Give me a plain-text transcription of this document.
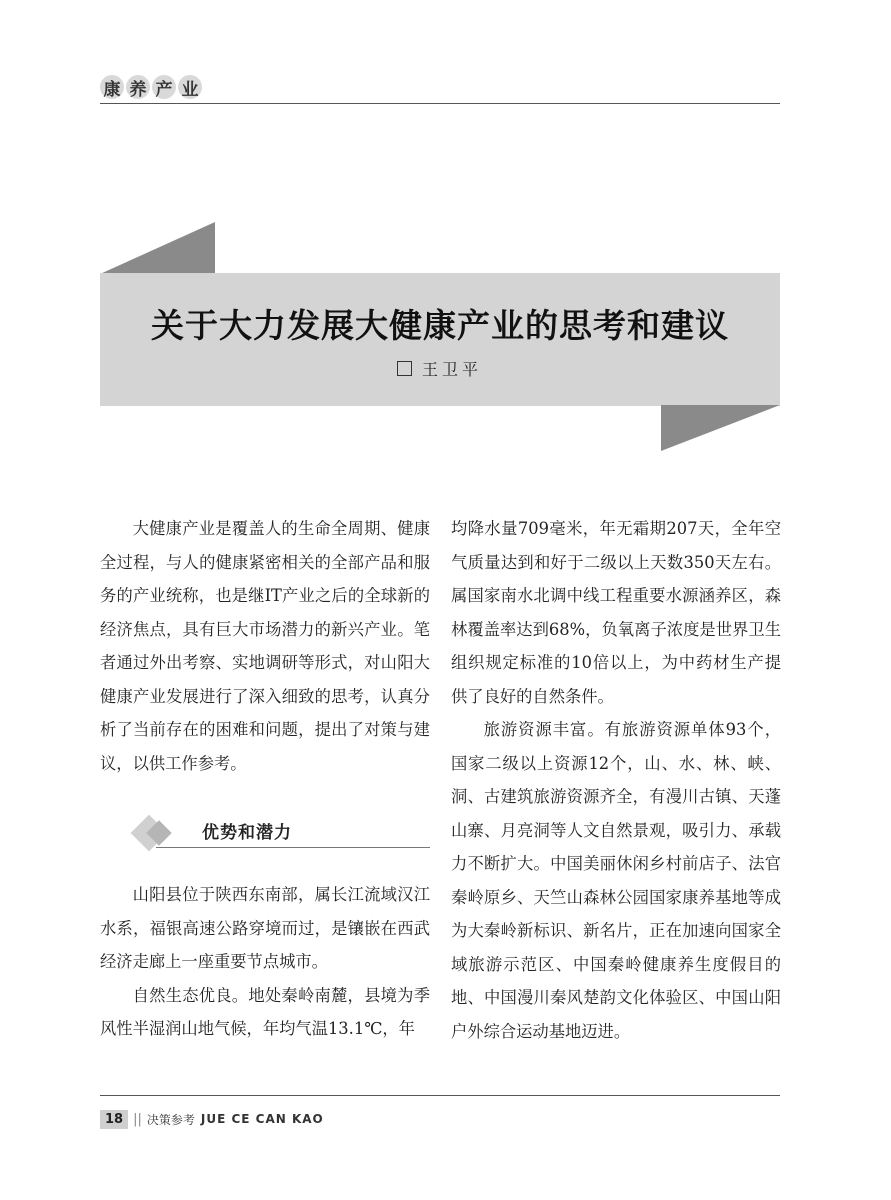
康 养 产 业
关于大力发展大健康产业的思考和建议
王卫平

大健康产业是覆盖人的生命全周期、健康全过程，与人的健康紧密相关的全部产品和服务的产业统称，也是继IT产业之后的全球新的经济焦点，具有巨大市场潜力的新兴产业。笔者通过外出考察、实地调研等形式，对山阳大健康产业发展进行了深入细致的思考，认真分析了当前存在的困难和问题，提出了对策与建议，以供工作参考。

优势和潜力

山阳县位于陕西东南部，属长江流域汉江水系，福银高速公路穿境而过，是镶嵌在西武经济走廊上一座重要节点城市。

自然生态优良。地处秦岭南麓，县境为季风性半湿润山地气候，年均气温13.1℃，年

均降水量709毫米，年无霜期207天，全年空气质量达到和好于二级以上天数350天左右。属国家南水北调中线工程重要水源涵养区，森林覆盖率达到68%，负氧离子浓度是世界卫生组织规定标准的10倍以上，为中药材生产提供了良好的自然条件。

旅游资源丰富。有旅游资源单体93个，国家二级以上资源12个，山、水、林、峡、洞、古建筑旅游资源齐全，有漫川古镇、天蓬山寨、月亮洞等人文自然景观，吸引力、承载力不断扩大。中国美丽休闲乡村前店子、法官秦岭原乡、天竺山森林公园国家康养基地等成为大秦岭新标识、新名片，正在加速向国家全域旅游示范区、中国秦岭健康养生度假目的地、中国漫川秦风楚韵文化体验区、中国山阳户外综合运动基地迈进。

18 || 决策参考 JUE CE CAN KAO
